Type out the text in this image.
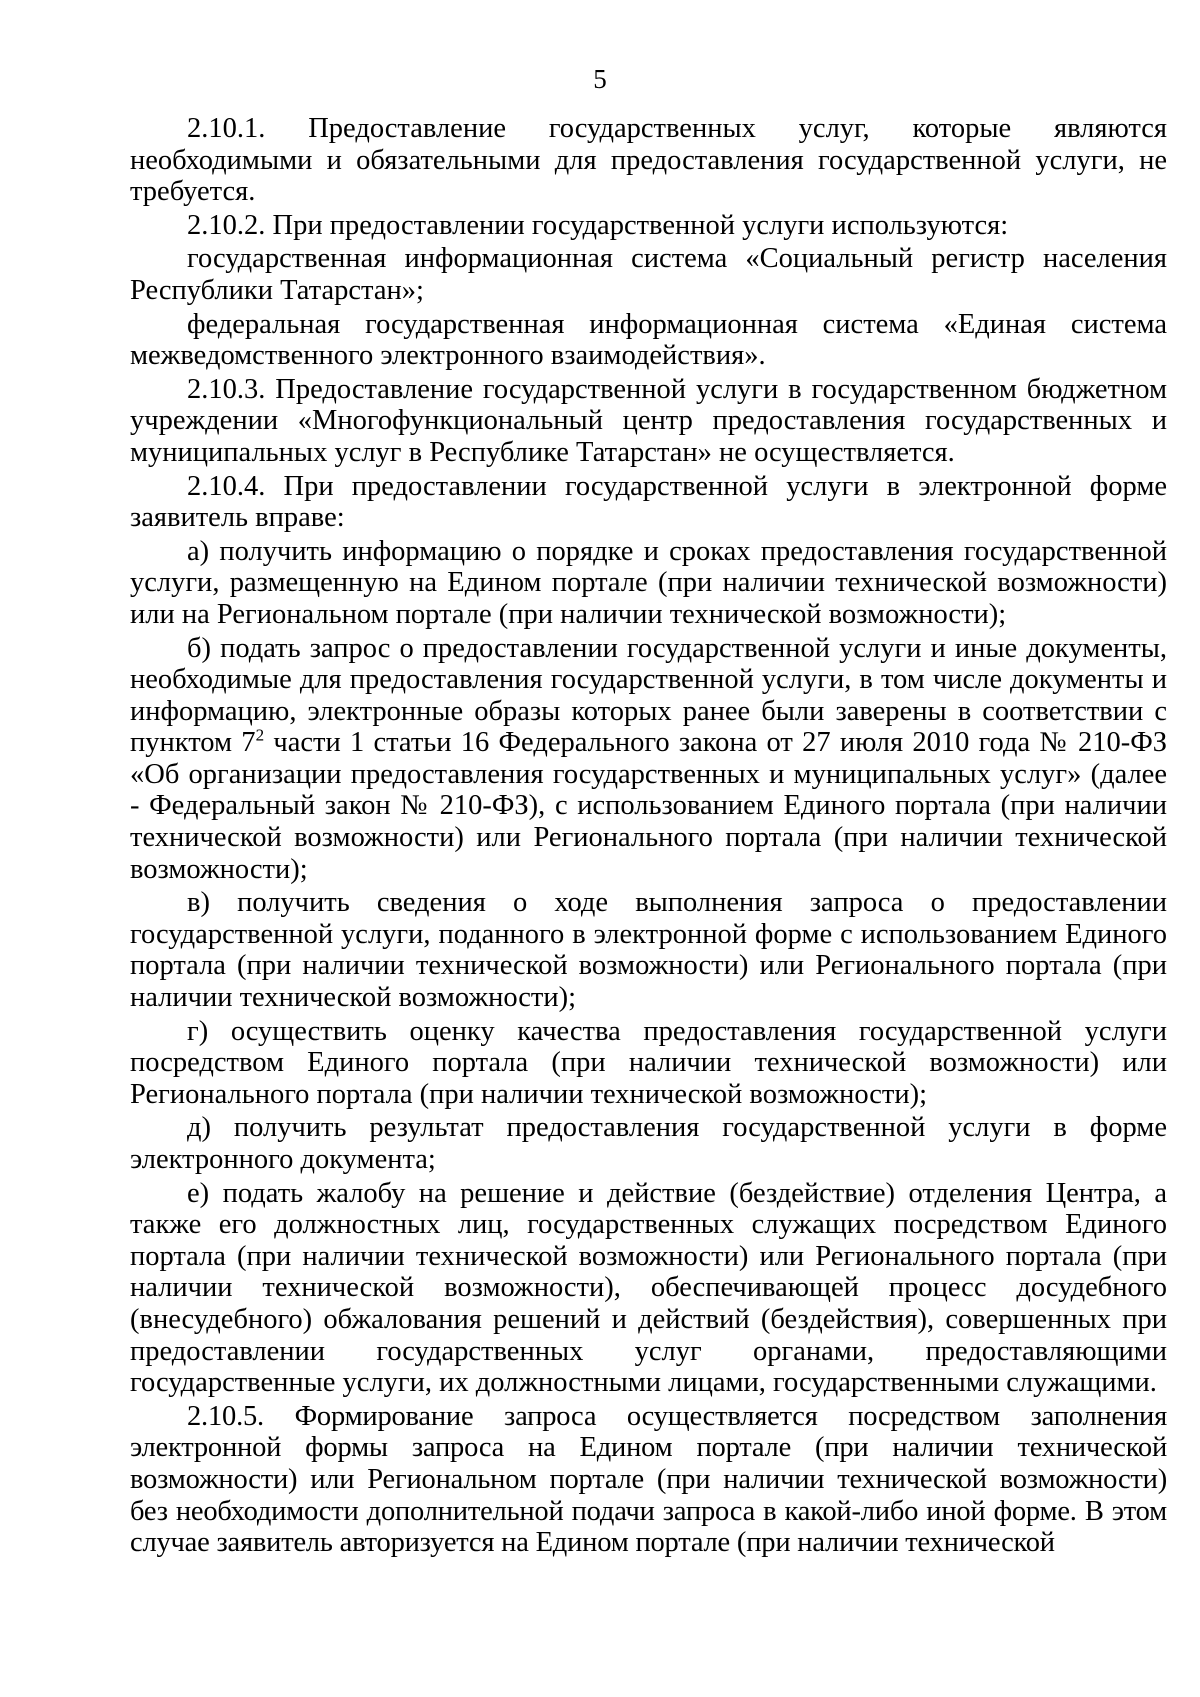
5

2.10.1. Предоставление государственных услуг, которые являются необходимыми и обязательными для предоставления государственной услуги, не требуется.

2.10.2. При предоставлении государственной услуги используются:

государственная информационная система «Социальный регистр населения Республики Татарстан»;

федеральная государственная информационная система «Единая система межведомственного электронного взаимодействия».

2.10.3. Предоставление государственной услуги в государственном бюджетном учреждении «Многофункциональный центр предоставления государственных и муниципальных услуг в Республике Татарстан» не осуществляется.

2.10.4. При предоставлении государственной услуги в электронной форме заявитель вправе:

а) получить информацию о порядке и сроках предоставления государственной услуги, размещенную на Едином портале (при наличии технической возможности) или на Региональном портале (при наличии технической возможности);

б) подать запрос о предоставлении государственной услуги и иные документы, необходимые для предоставления государственной услуги, в том числе документы и информацию, электронные образы которых ранее были заверены в соответствии с пунктом $7^2$ части 1 статьи 16 Федерального закона от 27 июля 2010 года № 210-ФЗ «Об организации предоставления государственных и муниципальных услуг» (далее - Федеральный закон № 210-ФЗ), с использованием Единого портала (при наличии технической возможности) или Регионального портала (при наличии технической возможности);

в) получить сведения о ходе выполнения запроса о предоставлении государственной услуги, поданного в электронной форме с использованием Единого портала (при наличии технической возможности) или Регионального портала (при наличии технической возможности);

г) осуществить оценку качества предоставления государственной услуги посредством Единого портала (при наличии технической возможности) или Регионального портала (при наличии технической возможности);

д) получить результат предоставления государственной услуги в форме электронного документа;

е) подать жалобу на решение и действие (бездействие) отделения Центра, а также его должностных лиц, государственных служащих посредством Единого портала (при наличии технической возможности) или Регионального портала (при наличии технической возможности), обеспечивающей процесс досудебного (внесудебного) обжалования решений и действий (бездействия), совершенных при предоставлении государственных услуг органами, предоставляющими государственные услуги, их должностными лицами, государственными служащими.

2.10.5. Формирование запроса осуществляется посредством заполнения электронной формы запроса на Едином портале (при наличии технической возможности) или Региональном портале (при наличии технической возможности) без необходимости дополнительной подачи запроса в какой-либо иной форме. В этом случае заявитель авторизуется на Едином портале (при наличии технической
